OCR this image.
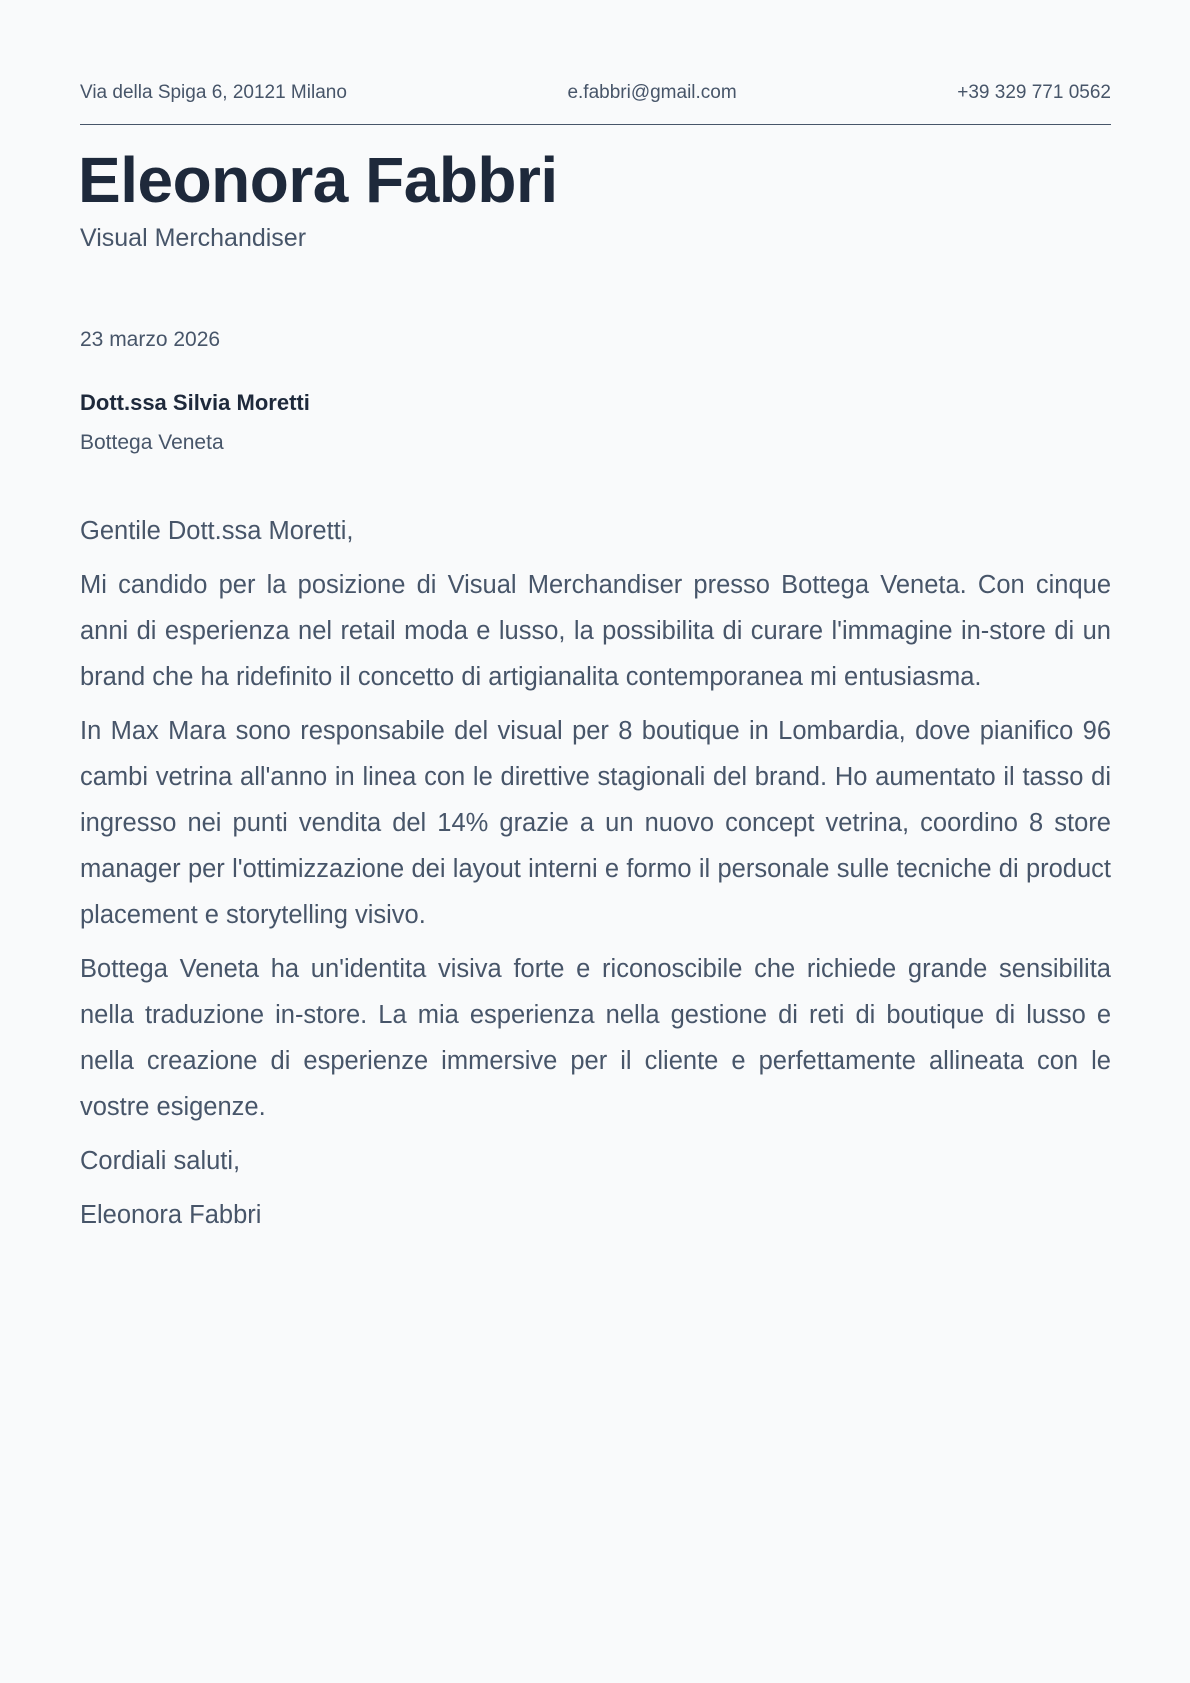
Via della Spiga 6, 20121 Milano	e.fabbri@gmail.com	+39 329 771 0562
Eleonora Fabbri
Visual Merchandiser
23 marzo 2026
Dott.ssa Silvia Moretti
Bottega Veneta

Gentile Dott.ssa Moretti,

Mi candido per la posizione di Visual Merchandiser presso Bottega Veneta. Con cinque anni di esperienza nel retail moda e lusso, la possibilita di curare l'immagine in-store di un brand che ha ridefinito il concetto di artigianalita contemporanea mi entusiasma.

In Max Mara sono responsabile del visual per 8 boutique in Lombardia, dove pianifico 96 cambi vetrina all'anno in linea con le direttive stagionali del brand. Ho aumentato il tasso di ingresso nei punti vendita del 14% grazie a un nuovo concept vetrina, coordino 8 store manager per l'ottimizzazione dei layout interni e formo il personale sulle tecniche di product placement e storytelling visivo.

Bottega Veneta ha un'identita visiva forte e riconoscibile che richiede grande sensibilita nella traduzione in-store. La mia esperienza nella gestione di reti di boutique di lusso e nella creazione di esperienze immersive per il cliente e perfettamente allineata con le vostre esigenze.

Cordiali saluti,

Eleonora Fabbri
